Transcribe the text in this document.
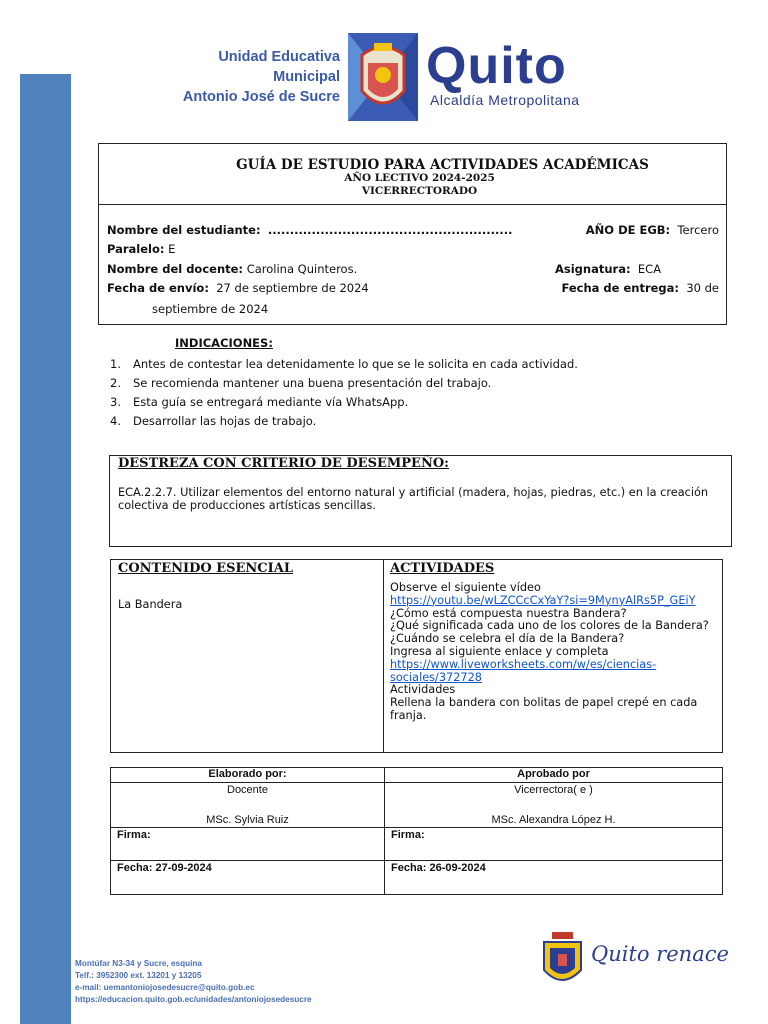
Unidad Educativa Municipal
Antonio José de Sucre
Quito
Alcaldía Metropolitana
GUÍA DE ESTUDIO PARA ACTIVIDADES ACADÉMICAS
AÑO LECTIVO 2024-2025
VICERRECTORADO
Nombre del estudiante: ........................................................	AÑO DE EGB: Tercero
Paralelo: E
Nombre del docente: Carolina Quinteros.	Asignatura: ECA
Fecha de envío: 27 de septiembre de 2024	Fecha de entrega: 30 de
septiembre de 2024
INDICACIONES:
1. Antes de contestar lea detenidamente lo que se le solicita en cada actividad.
2. Se recomienda mantener una buena presentación del trabajo.
3. Esta guía se entregará mediante vía WhatsApp.
4. Desarrollar las hojas de trabajo.
DESTREZA CON CRITERIO DE DESEMPEÑO:
ECA.2.2.7. Utilizar elementos del entorno natural y artificial (madera, hojas, piedras, etc.) en la creación colectiva de producciones artísticas sencillas.
CONTENIDO ESENCIAL
La Bandera
ACTIVIDADES
Observe el siguiente vídeo
https://youtu.be/wLZCCcCxYaY?si=9MynyAlRs5P_GEiY
¿Cómo está compuesta nuestra Bandera?
¿Qué significada cada uno de los colores de la Bandera?
¿Cuándo se celebra el día de la Bandera?
Ingresa al siguiente enlace y completa
https://www.liveworksheets.com/w/es/ciencias-sociales/372728
Actividades
Rellena la bandera con bolitas de papel crepé en cada franja.
Elaborado por:	Aprobado por
Docente	Vicerrectora( e )
MSc. Sylvia Ruiz	MSc. Alexandra López H.
Firma:	Firma:
Fecha: 27-09-2024	Fecha: 26-09-2024
Montúfar N3-34 y Sucre, esquina
Telf.: 3952300 ext. 13201 y 13205
e-mail: uemantoniojosedesucre@quito.gob.ec
https://educacion.quito.gob.ec/unidades/antoniojosedesucre
Quito renace
